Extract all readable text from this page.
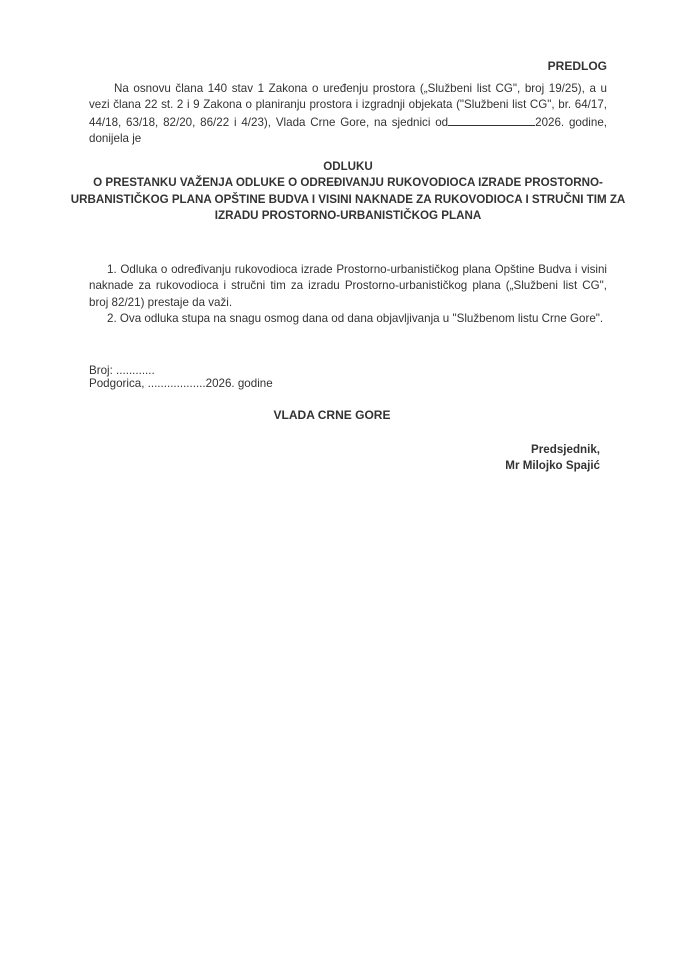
PREDLOG
Na osnovu člana 140 stav 1 Zakona o uređenju prostora („Službeni list CG", broj 19/25), a u vezi člana 22 st. 2 i 9 Zakona o planiranju prostora i izgradnji objekata ("Službeni list CG", br. 64/17, 44/18, 63/18, 82/20, 86/22 i 4/23), Vlada Crne Gore, na sjednici od	2026. godine, donijela je
ODLUKU
O PRESTANKU VAŽENJA ODLUKE O ODREĐIVANJU RUKOVODIOCA IZRADE PROSTORNO- URBANISTIČKOG PLANA OPŠTINE BUDVA I VISINI NAKNADE ZA RUKOVODIOCA I STRUČNI TIM ZA IZRADU PROSTORNO-URBANISTIČKOG PLANA

1. Odluka o određivanju rukovodioca izrade Prostorno-urbanističkog plana Opštine Budva i visini naknade za rukovodioca i stručni tim za izradu Prostorno-urbanističkog plana („Službeni list CG", broj 82/21) prestaje da važi.

2. Ova odluka stupa na snagu osmog dana od dana objavljivanja u "Službenom listu Crne Gore".

Broj: ............
Podgorica, ..................2026. godine
VLADA CRNE GORE
Predsjednik,
Mr Milojko Spajić
